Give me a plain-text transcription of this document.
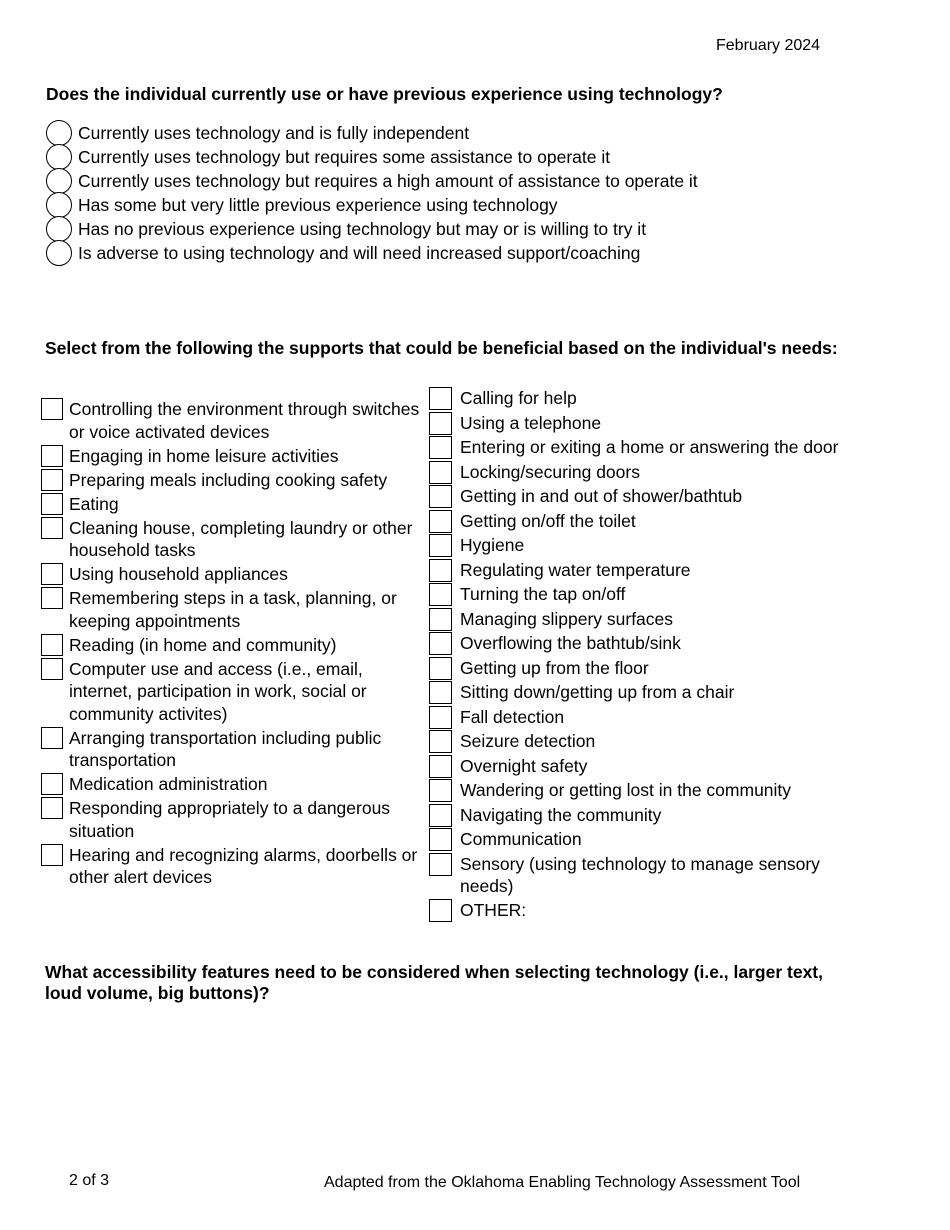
February 2024
Does the individual currently use or have previous experience using technology?
Currently uses technology and is fully independent
Currently uses technology but requires some assistance to operate it
Currently uses technology but requires a high amount of assistance to operate it
Has some but very little previous experience using technology
Has no previous experience using technology but may or is willing to try it
Is adverse to using technology and will need increased support/coaching
Select from the following the supports that could be beneficial based on the individual's needs:
Controlling the environment through switches or voice activated devices
Engaging in home leisure activities
Preparing meals including cooking safety
Eating
Cleaning house, completing laundry or other household tasks
Using household appliances
Remembering steps in a task, planning, or keeping appointments
Reading (in home and community)
Computer use and access (i.e., email, internet, participation in work, social or community activites)
Arranging transportation including public transportation
Medication administration
Responding appropriately to a dangerous situation
Hearing and recognizing alarms, doorbells or other alert devices
Calling for help
Using a telephone
Entering or exiting a home or answering the door
Locking/securing doors
Getting in and out of shower/bathtub
Getting on/off the toilet
Hygiene
Regulating water temperature
Turning the tap on/off
Managing slippery surfaces
Overflowing the bathtub/sink
Getting up from the floor
Sitting down/getting up from a chair
Fall detection
Seizure detection
Overnight safety
Wandering or getting lost in the community
Navigating the community
Communication
Sensory (using technology to manage sensory needs)
OTHER:
What accessibility features need to be considered when selecting technology (i.e., larger text, loud volume, big buttons)?
2 of 3	Adapted from the Oklahoma Enabling Technology Assessment Tool
